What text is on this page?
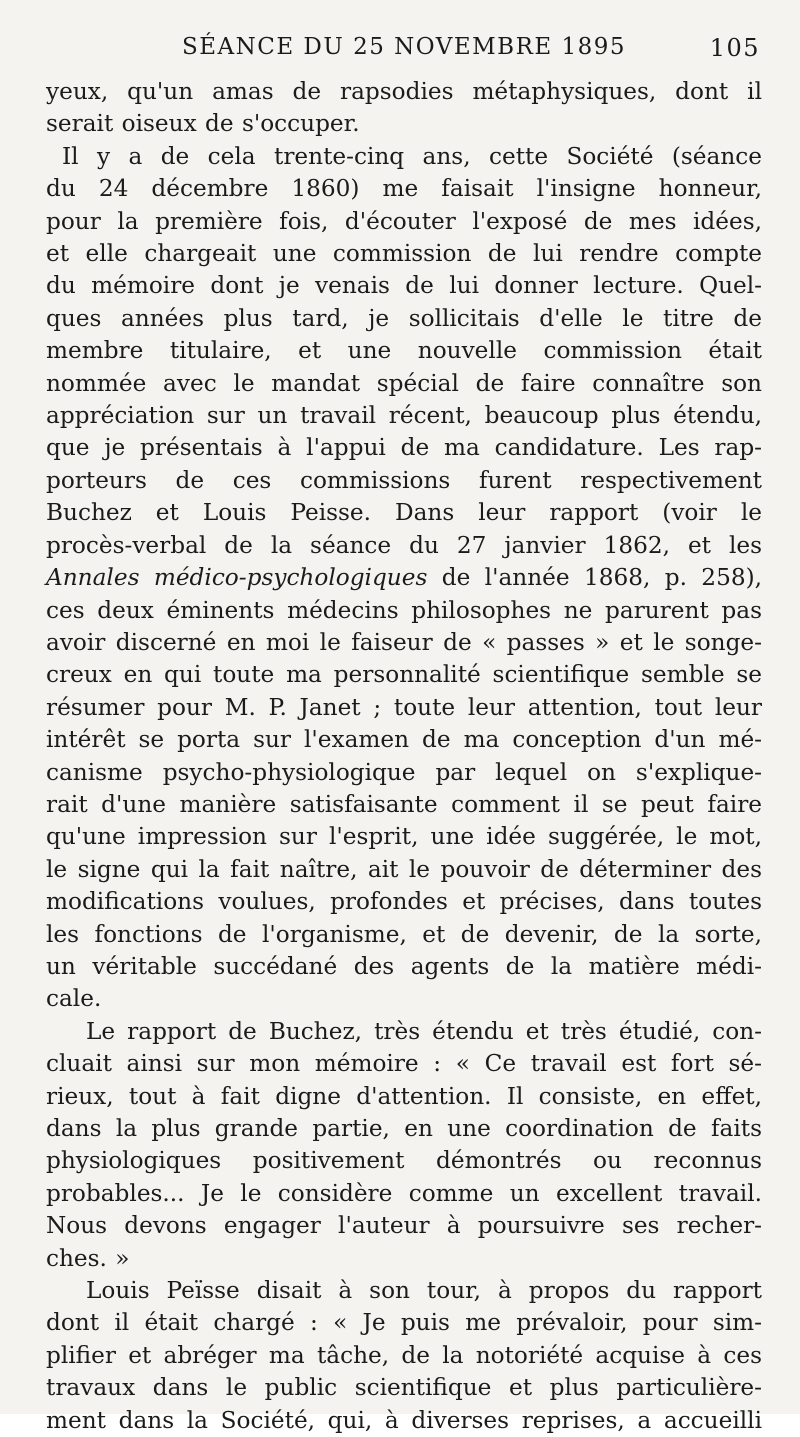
SÉANCE DU 25 NOVEMBRE 1895	105
yeux, qu'un amas de rapsodies métaphysiques, dont il
serait oiseux de s'occuper.
Il y a de cela trente-cinq ans, cette Société (séance
du 24 décembre 1860) me faisait l'insigne honneur,
pour la première fois, d'écouter l'exposé de mes idées,
et elle chargeait une commission de lui rendre compte
du mémoire dont je venais de lui donner lecture. Quel-
ques années plus tard, je sollicitais d'elle le titre de
membre titulaire, et une nouvelle commission était
nommée avec le mandat spécial de faire connaître son
appréciation sur un travail récent, beaucoup plus étendu,
que je présentais à l'appui de ma candidature. Les rap-
porteurs de ces commissions furent respectivement
Buchez et Louis Peisse. Dans leur rapport (voir le
procès-verbal de la séance du 27 janvier 1862, et les
Annales médico-psychologiques de l'année 1868, p. 258),
ces deux éminents médecins philosophes ne parurent pas
avoir discerné en moi le faiseur de « passes » et le songe-
creux en qui toute ma personnalité scientifique semble se
résumer pour M. P. Janet ; toute leur attention, tout leur
intérêt se porta sur l'examen de ma conception d'un mé-
canisme psycho-physiologique par lequel on s'explique-
rait d'une manière satisfaisante comment il se peut faire
qu'une impression sur l'esprit, une idée suggérée, le mot,
le signe qui la fait naître, ait le pouvoir de déterminer des
modifications voulues, profondes et précises, dans toutes
les fonctions de l'organisme, et de devenir, de la sorte,
un véritable succédané des agents de la matière médi-
cale.
Le rapport de Buchez, très étendu et très étudié, con-
cluait ainsi sur mon mémoire : « Ce travail est fort sé-
rieux, tout à fait digne d'attention. Il consiste, en effet,
dans la plus grande partie, en une coordination de faits
physiologiques positivement démontrés ou reconnus
probables... Je le considère comme un excellent travail.
Nous devons engager l'auteur à poursuivre ses recher-
ches. »
Louis Peïsse disait à son tour, à propos du rapport
dont il était chargé : « Je puis me prévaloir, pour sim-
plifier et abréger ma tâche, de la notoriété acquise à ces
travaux dans le public scientifique et plus particulière-
ment dans la Société, qui, à diverses reprises, a accueilli
